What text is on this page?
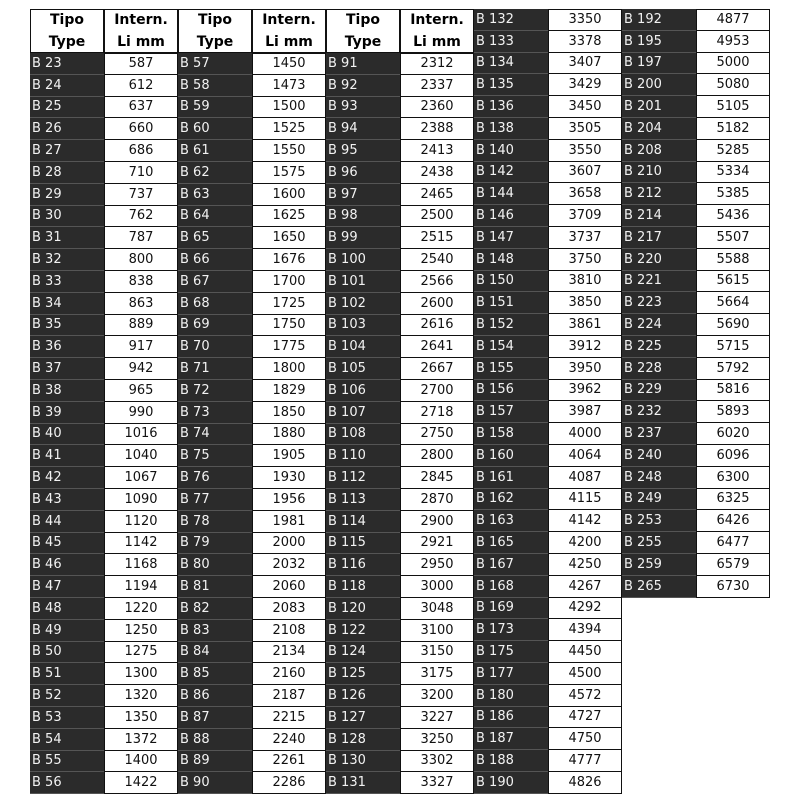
Tipo
Type
Intern.
Li mm
B 23	587
B 24	612
B 25	637
B 26	660
B 27	686
B 28	710
B 29	737
B 30	762
B 31	787
B 32	800
B 33	838
B 34	863
B 35	889
B 36	917
B 37	942
B 38	965
B 39	990
B 40	1016
B 41	1040
B 42	1067
B 43	1090
B 44	1120
B 45	1142
B 46	1168
B 47	1194
B 48	1220
B 49	1250
B 50	1275
B 51	1300
B 52	1320
B 53	1350
B 54	1372
B 55	1400
B 56	1422
Tipo
Type
Intern.
Li mm
B 57	1450
B 58	1473
B 59	1500
B 60	1525
B 61	1550
B 62	1575
B 63	1600
B 64	1625
B 65	1650
B 66	1676
B 67	1700
B 68	1725
B 69	1750
B 70	1775
B 71	1800
B 72	1829
B 73	1850
B 74	1880
B 75	1905
B 76	1930
B 77	1956
B 78	1981
B 79	2000
B 80	2032
B 81	2060
B 82	2083
B 83	2108
B 84	2134
B 85	2160
B 86	2187
B 87	2215
B 88	2240
B 89	2261
B 90	2286
Tipo
Type
Intern.
Li mm
B 91	2312
B 92	2337
B 93	2360
B 94	2388
B 95	2413
B 96	2438
B 97	2465
B 98	2500
B 99	2515
B 100	2540
B 101	2566
B 102	2600
B 103	2616
B 104	2641
B 105	2667
B 106	2700
B 107	2718
B 108	2750
B 110	2800
B 112	2845
B 113	2870
B 114	2900
B 115	2921
B 116	2950
B 118	3000
B 120	3048
B 122	3100
B 124	3150
B 125	3175
B 126	3200
B 127	3227
B 128	3250
B 130	3302
B 131	3327
B 132	3350
B 133	3378
B 134	3407
B 135	3429
B 136	3450
B 138	3505
B 140	3550
B 142	3607
B 144	3658
B 146	3709
B 147	3737
B 148	3750
B 150	3810
B 151	3850
B 152	3861
B 154	3912
B 155	3950
B 156	3962
B 157	3987
B 158	4000
B 160	4064
B 161	4087
B 162	4115
B 163	4142
B 165	4200
B 167	4250
B 168	4267
B 169	4292
B 173	4394
B 175	4450
B 177	4500
B 180	4572
B 186	4727
B 187	4750
B 188	4777
B 190	4826
B 192	4877
B 195	4953
B 197	5000
B 200	5080
B 201	5105
B 204	5182
B 208	5285
B 210	5334
B 212	5385
B 214	5436
B 217	5507
B 220	5588
B 221	5615
B 223	5664
B 224	5690
B 225	5715
B 228	5792
B 229	5816
B 232	5893
B 237	6020
B 240	6096
B 248	6300
B 249	6325
B 253	6426
B 255	6477
B 259	6579
B 265	6730
